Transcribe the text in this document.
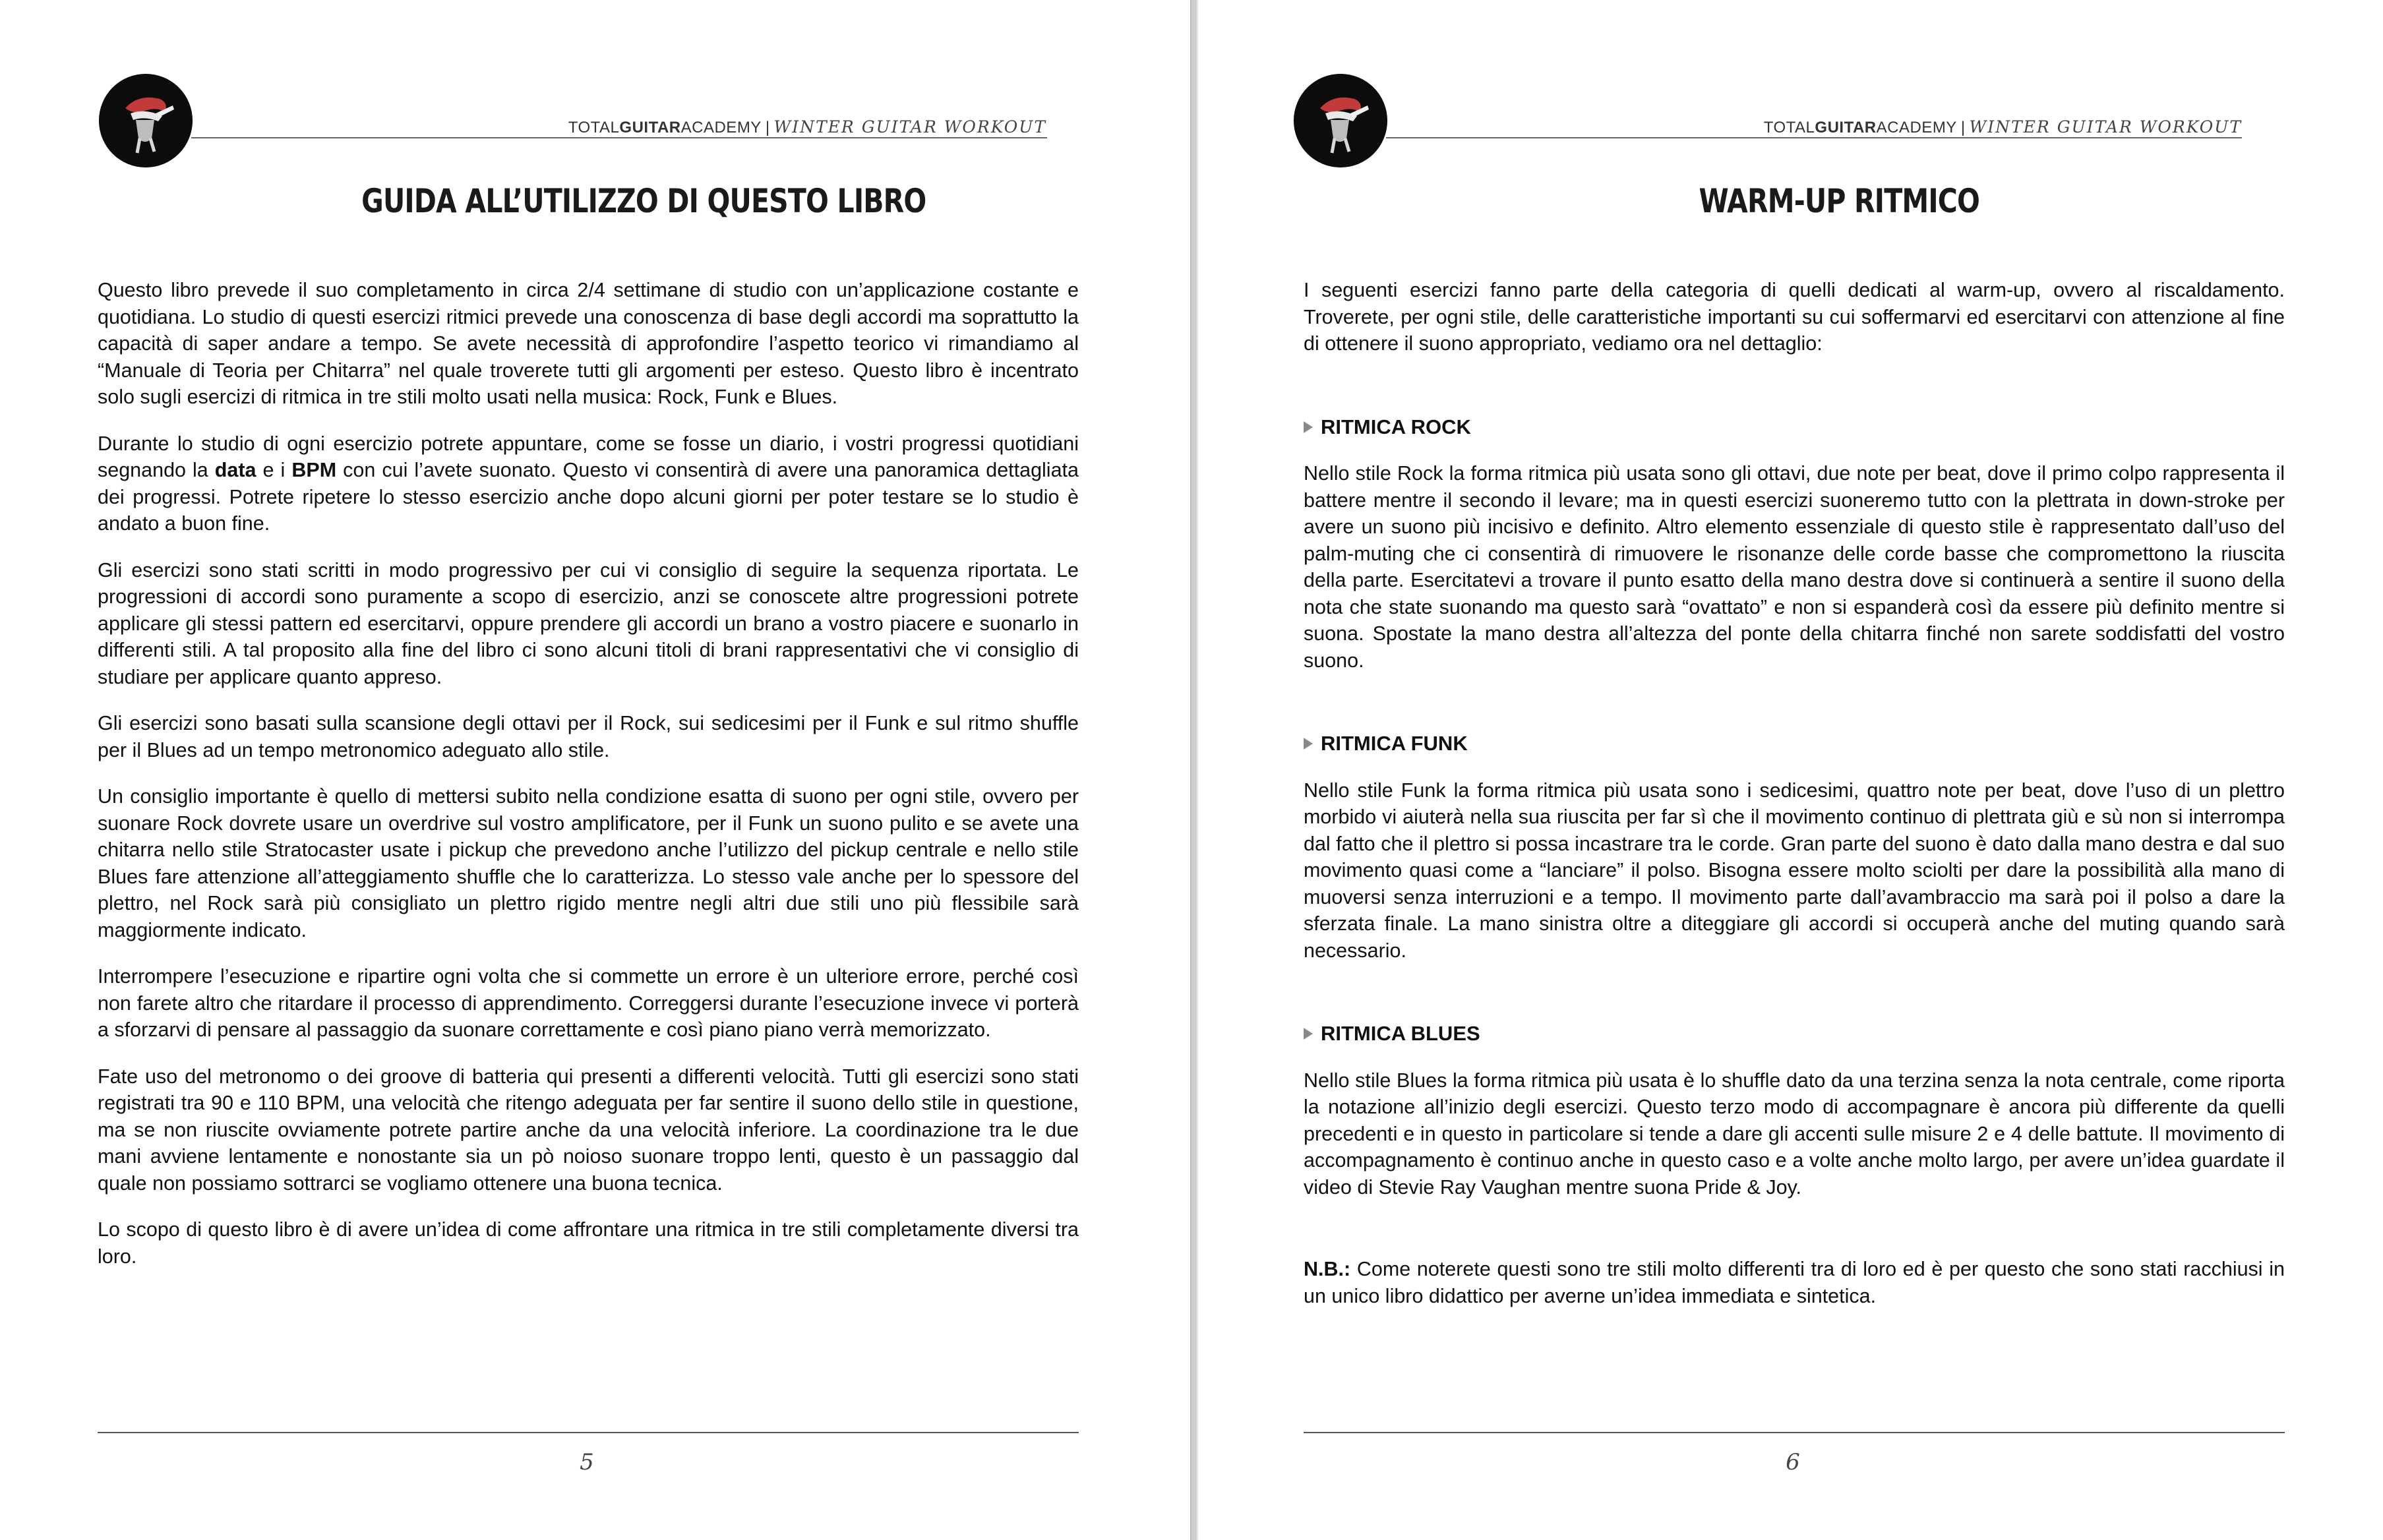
TOTALGUITARACADEMY | WINTER GUITAR WORKOUT
GUIDA ALL’UTILIZZO DI QUESTO LIBRO

Questo libro prevede il suo completamento in circa 2/4 settimane di studio con un’applicazione costante e quotidiana. Lo studio di questi esercizi ritmici prevede una conoscenza di base degli accordi ma soprattutto la capacità di saper andare a tempo. Se avete necessità di approfondire l’aspetto teorico vi rimandiamo al “Manuale di Teoria per Chitarra” nel quale troverete tutti gli argomenti per esteso. Questo libro è incentrato solo sugli esercizi di ritmica in tre stili molto usati nella musica: Rock, Funk e Blues.

Durante lo studio di ogni esercizio potrete appuntare, come se fosse un diario, i vostri progressi quotidiani segnando la data e i BPM con cui l’avete suonato. Questo vi consentirà di avere una panoramica dettagliata dei progressi. Potrete ripetere lo stesso esercizio anche dopo alcuni giorni per poter testare se lo studio è andato a buon fine.

Gli esercizi sono stati scritti in modo progressivo per cui vi consiglio di seguire la sequenza riportata. Le progressioni di accordi sono puramente a scopo di esercizio, anzi se conoscete altre progressioni potrete applicare gli stessi pattern ed esercitarvi, oppure prendere gli accordi un brano a vostro piacere e suonarlo in differenti stili. A tal proposito alla fine del libro ci sono alcuni titoli di brani rappresentativi che vi consiglio di studiare per applicare quanto appreso.

Gli esercizi sono basati sulla scansione degli ottavi per il Rock, sui sedicesimi per il Funk e sul ritmo shuffle per il Blues ad un tempo metronomico adeguato allo stile.

Un consiglio importante è quello di mettersi subito nella condizione esatta di suono per ogni stile, ovvero per suonare Rock dovrete usare un overdrive sul vostro amplificatore, per il Funk un suono pulito e se avete una chitarra nello stile Stratocaster usate i pickup che prevedono anche l’utilizzo del pickup centrale e nello stile Blues fare attenzione all’atteggiamento shuffle che lo caratterizza. Lo stesso vale anche per lo spessore del plettro, nel Rock sarà più consigliato un plettro rigido mentre negli altri due stili uno più flessibile sarà maggiormente indicato.

Interrompere l’esecuzione e ripartire ogni volta che si commette un errore è un ulteriore errore, perché così non farete altro che ritardare il processo di apprendimento. Correggersi durante l’esecuzione invece vi porterà a sforzarvi di pensare al passaggio da suonare correttamente e così piano piano verrà memorizzato.

Fate uso del metronomo o dei groove di batteria qui presenti a differenti velocità. Tutti gli esercizi sono stati registrati tra 90 e 110 BPM, una velocità che ritengo adeguata per far sentire il suono dello stile in questione, ma se non riuscite ovviamente potrete partire anche da una velocità inferiore. La coordinazione tra le due mani avviene lentamente e nonostante sia un pò noioso suonare troppo lenti, questo è un passaggio dal quale non possiamo sottrarci se vogliamo ottenere una buona tecnica.

Lo scopo di questo libro è di avere un’idea di come affrontare una ritmica in tre stili completamente diversi tra loro.

5
TOTALGUITARACADEMY | WINTER GUITAR WORKOUT
WARM-UP RITMICO

I seguenti esercizi fanno parte della categoria di quelli dedicati al warm-up, ovvero al riscaldamento. Troverete, per ogni stile, delle caratteristiche importanti su cui soffermarvi ed esercitarvi con attenzione al fine di ottenere il suono appropriato, vediamo ora nel dettaglio:

RITMICA ROCK

Nello stile Rock la forma ritmica più usata sono gli ottavi, due note per beat, dove il primo colpo rappresenta il battere mentre il secondo il levare; ma in questi esercizi suoneremo tutto con la plettrata in down-stroke per avere un suono più incisivo e definito. Altro elemento essenziale di questo stile è rappresentato dall’uso del palm-muting che ci consentirà di rimuovere le risonanze delle corde basse che compromettono la riuscita della parte. Esercitatevi a trovare il punto esatto della mano destra dove si continuerà a sentire il suono della nota che state suonando ma questo sarà “ovattato” e non si espanderà così da essere più definito mentre si suona. Spostate la mano destra all’altezza del ponte della chitarra finché non sarete soddisfatti del vostro suono.

RITMICA FUNK

Nello stile Funk la forma ritmica più usata sono i sedicesimi, quattro note per beat, dove l’uso di un plettro morbido vi aiuterà nella sua riuscita per far sì che il movimento continuo di plettrata giù e sù non si interrompa dal fatto che il plettro si possa incastrare tra le corde. Gran parte del suono è dato dalla mano destra e dal suo movimento quasi come a “lanciare” il polso. Bisogna essere molto sciolti per dare la possibilità alla mano di muoversi senza interruzioni e a tempo. Il movimento parte dall’avambraccio ma sarà poi il polso a dare la sferzata finale. La mano sinistra oltre a diteggiare gli accordi si occuperà anche del muting quando sarà necessario.

RITMICA BLUES

Nello stile Blues la forma ritmica più usata è lo shuffle dato da una terzina senza la nota centrale, come riporta la notazione all’inizio degli esercizi. Questo terzo modo di accompagnare è ancora più differente da quelli precedenti e in questo in particolare si tende a dare gli accenti sulle misure 2 e 4 delle battute. Il movimento di accompagnamento è continuo anche in questo caso e a volte anche molto largo, per avere un’idea guardate il video di Stevie Ray Vaughan mentre suona Pride & Joy.

N.B.: Come noterete questi sono tre stili molto differenti tra di loro ed è per questo che sono stati racchiusi in un unico libro didattico per averne un’idea immediata e sintetica.

6
